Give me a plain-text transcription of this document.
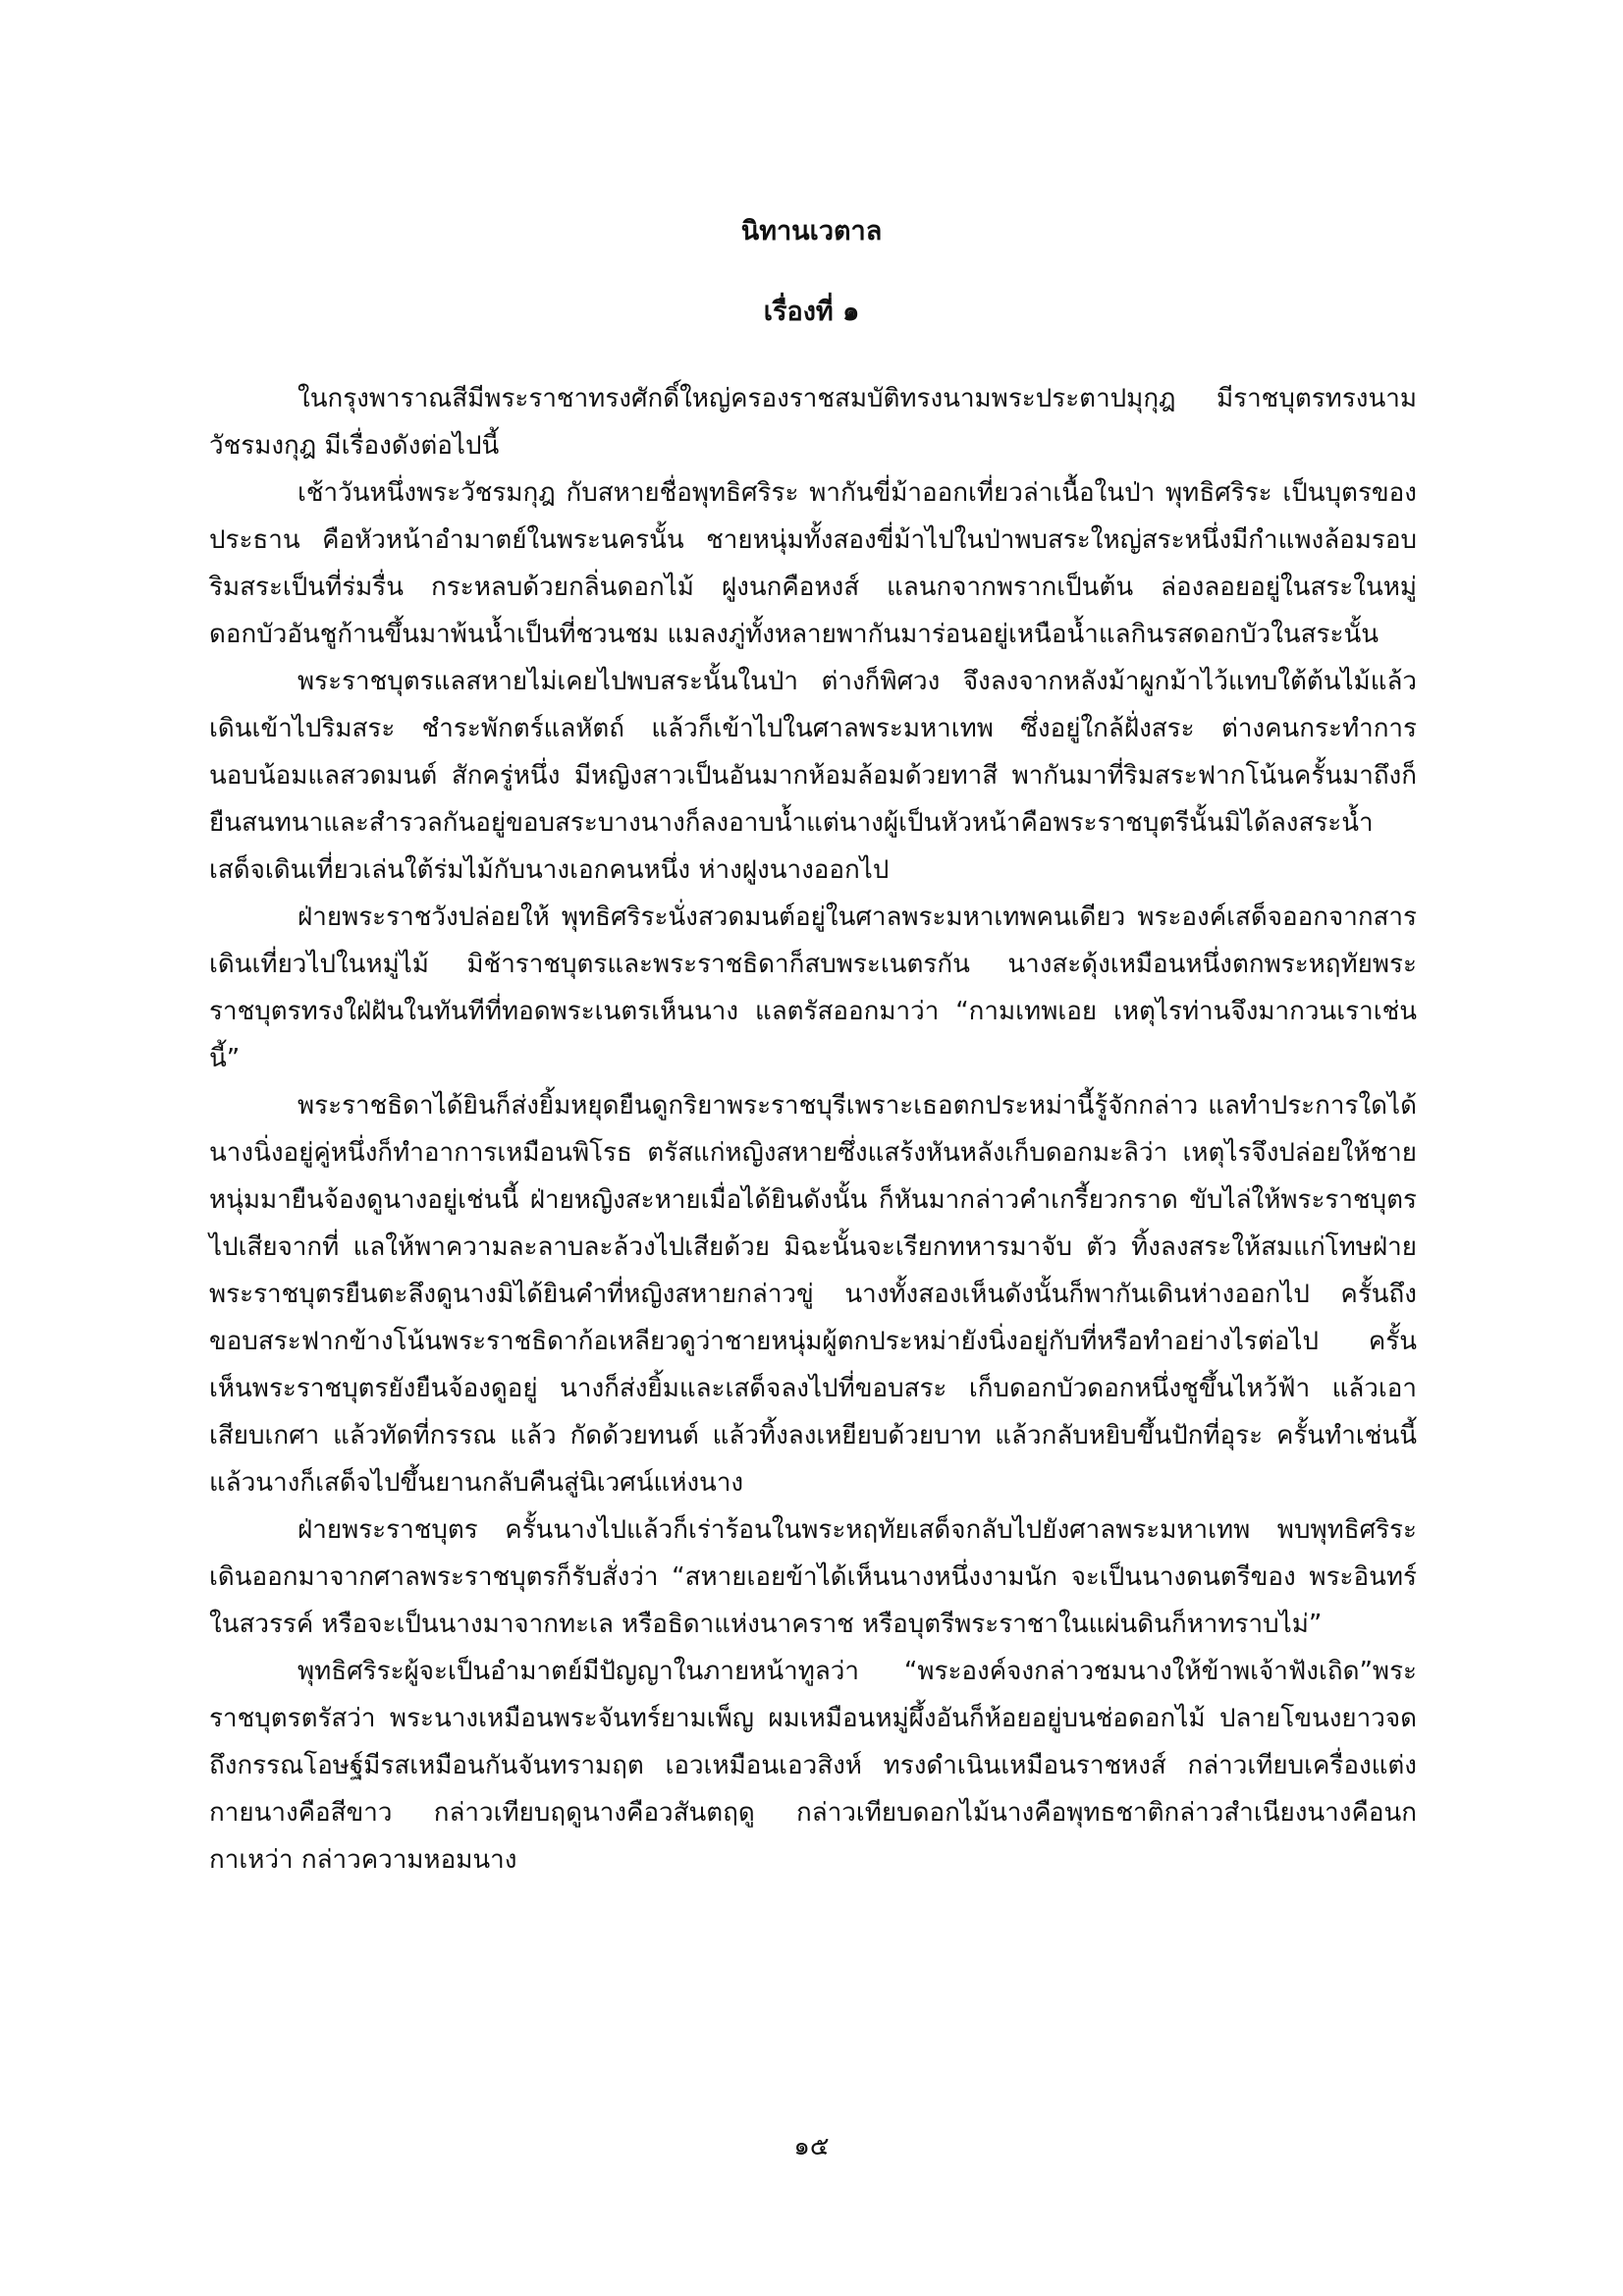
นิทานเวตาล
เรื่องที่ ๑

ในกรุงพาราณสีมีพระราชาทรงศักดิ์ใหญ่ครองราชสมบัติทรงนามพระประตาปมุกุฎ มีราชบุตรทรงนามวัชรมงกุฎ มีเรื่องดังต่อไปนี้

เช้าวันหนึ่งพระวัชรมกุฎ กับสหายชื่อพุทธิศริระ พากันขี่ม้าออกเที่ยวล่าเนื้อในป่า พุทธิศริระ เป็นบุตรของประธาน คือหัวหน้าอำมาตย์ในพระนครนั้น ชายหนุ่มทั้งสองขี่ม้าไปในป่าพบสระใหญ่สระหนึ่งมีกำแพงล้อมรอบริมสระเป็นที่ร่มรื่น กระหลบด้วยกลิ่นดอกไม้ ฝูงนกคือหงส์ แลนกจากพรากเป็นต้น ล่องลอยอยู่ในสระในหมู่ดอกบัวอันชูก้านขึ้นมาพ้นน้ำเป็นที่ชวนชม แมลงภู่ทั้งหลายพากันมาร่อนอยู่เหนือน้ำแลกินรสดอกบัวในสระนั้น

พระราชบุตรแลสหายไม่เคยไปพบสระนั้นในป่า ต่างก็พิศวง จึงลงจากหลังม้าผูกม้าไว้แทบใต้ต้นไม้แล้วเดินเข้าไปริมสระ ชำระพักตร์แลหัตถ์ แล้วก็เข้าไปในศาลพระมหาเทพ ซึ่งอยู่ใกล้ฝั่งสระ ต่างคนกระทำการนอบน้อมแลสวดมนต์ สักครู่หนึ่ง มีหญิงสาวเป็นอันมากห้อมล้อมด้วยทาสี พากันมาที่ริมสระฟากโน้นครั้นมาถึงก็ยืนสนทนาและสำรวลกันอยู่ขอบสระบางนางก็ลงอาบน้ำแต่นางผู้เป็นหัวหน้าคือพระราชบุตรีนั้นมิได้ลงสระน้ำเสด็จเดินเที่ยวเล่นใต้ร่มไม้กับนางเอกคนหนึ่ง ห่างฝูงนางออกไป

ฝ่ายพระราชวังปล่อยให้ พุทธิศริระนั่งสวดมนต์อยู่ในศาลพระมหาเทพคนเดียว พระองค์เสด็จออกจากสารเดินเที่ยวไปในหมู่ไม้ มิช้าราชบุตรและพระราชธิดาก็สบพระเนตรกัน นางสะดุ้งเหมือนหนึ่งตกพระหฤทัยพระราชบุตรทรงใฝ่ฝันในทันทีที่ทอดพระเนตรเห็นนาง แลตรัสออกมาว่า “กามเทพเอย เหตุไรท่านจึงมากวนเราเช่นนี้”

พระราชธิดาได้ยินก็ส่งยิ้มหยุดยืนดูกริยาพระราชบุรีเพราะเธอตกประหม่านี้รู้จักกล่าว แลทำประการใดได้นางนิ่งอยู่คู่หนึ่งก็ทำอาการเหมือนพิโรธ ตรัสแก่หญิงสหายซึ่งแสร้งหันหลังเก็บดอกมะลิว่า เหตุไรจึงปล่อยให้ชายหนุ่มมายืนจ้องดูนางอยู่เช่นนี้ ฝ่ายหญิงสะหายเมื่อได้ยินดังนั้น ก็หันมากล่าวคำเกรี้ยวกราด ขับไล่ให้พระราชบุตรไปเสียจากที่ แลให้พาความละลาบละล้วงไปเสียด้วย มิฉะนั้นจะเรียกทหารมาจับ ตัว ทิ้งลงสระให้สมแก่โทษฝ่ายพระราชบุตรยืนตะลึงดูนางมิได้ยินคำที่หญิงสหายกล่าวขู่ นางทั้งสองเห็นดังนั้นก็พากันเดินห่างออกไป ครั้นถึงขอบสระฟากข้างโน้นพระราชธิดาก้อเหลียวดูว่าชายหนุ่มผู้ตกประหม่ายังนิ่งอยู่กับที่หรือทำอย่างไรต่อไป ครั้นเห็นพระราชบุตรยังยืนจ้องดูอยู่ นางก็ส่งยิ้มและเสด็จลงไปที่ขอบสระ เก็บดอกบัวดอกหนึ่งชูขึ้นไหว้ฟ้า แล้วเอาเสียบเกศา แล้วทัดที่กรรณ แล้ว กัดด้วยทนต์ แล้วทิ้งลงเหยียบด้วยบาท แล้วกลับหยิบขึ้นปักที่อุระ ครั้นทำเช่นนี้แล้วนางก็เสด็จไปขึ้นยานกลับคืนสู่นิเวศน์แห่งนาง

ฝ่ายพระราชบุตร ครั้นนางไปแล้วก็เร่าร้อนในพระหฤทัยเสด็จกลับไปยังศาลพระมหาเทพ พบพุทธิศริระเดินออกมาจากศาลพระราชบุตรก็รับสั่งว่า “สหายเอยข้าได้เห็นนางหนึ่งงามนัก จะเป็นนางดนตรีของ พระอินทร์ในสวรรค์ หรือจะเป็นนางมาจากทะเล หรือธิดาแห่งนาคราช หรือบุตรีพระราชาในแผ่นดินก็หาทราบไม่”

พุทธิศริระผู้จะเป็นอำมาตย์มีปัญญาในภายหน้าทูลว่า “พระองค์จงกล่าวชมนางให้ข้าพเจ้าฟังเถิด”พระราชบุตรตรัสว่า พระนางเหมือนพระจันทร์ยามเพ็ญ ผมเหมือนหมู่ผึ้งอันก็ห้อยอยู่บนช่อดอกไม้ ปลายโขนงยาวจดถึงกรรณโอษฐ์มีรสเหมือนกันจันทรามฤต เอวเหมือนเอวสิงห์ ทรงดำเนินเหมือนราชหงส์ กล่าวเทียบเครื่องแต่งกายนางคือสีขาว กล่าวเทียบฤดูนางคือวสันตฤดู กล่าวเทียบดอกไม้นางคือพุทธชาติกล่าวสำเนียงนางคือนกกาเหว่า กล่าวความหอมนาง

๑๕
